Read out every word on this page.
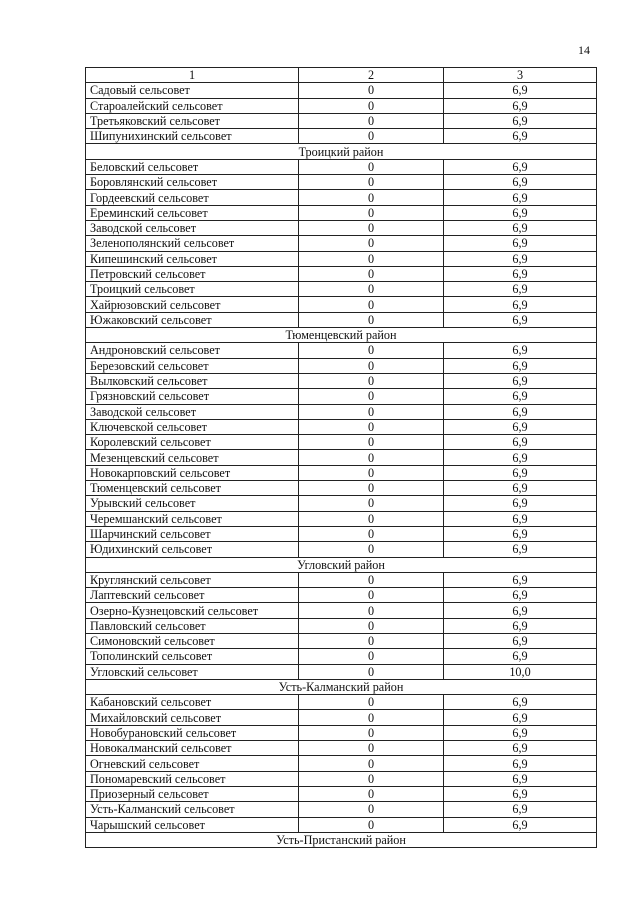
14
1	2	3
Садовый сельсовет	0	6,9
Староалейский сельсовет	0	6,9
Третьяковский сельсовет	0	6,9
Шипунихинский сельсовет	0	6,9
Троицкий район		
Беловский сельсовет	0	6,9
Боровлянский сельсовет	0	6,9
Гордеевский сельсовет	0	6,9
Ереминский сельсовет	0	6,9
Заводской сельсовет	0	6,9
Зеленополянский сельсовет	0	6,9
Кипешинский сельсовет	0	6,9
Петровский сельсовет	0	6,9
Троицкий сельсовет	0	6,9
Хайрюзовский сельсовет	0	6,9
Южаковский сельсовет	0	6,9
Тюменцевский район		
Андроновский сельсовет	0	6,9
Березовский сельсовет	0	6,9
Вылковский сельсовет	0	6,9
Грязновский сельсовет	0	6,9
Заводской сельсовет	0	6,9
Ключевской сельсовет	0	6,9
Королевский сельсовет	0	6,9
Мезенцевский сельсовет	0	6,9
Новокарповский сельсовет	0	6,9
Тюменцевский сельсовет	0	6,9
Урывский сельсовет	0	6,9
Черемшанский сельсовет	0	6,9
Шарчинский сельсовет	0	6,9
Юдихинский сельсовет	0	6,9
Угловский район		
Круглянский сельсовет	0	6,9
Лаптевский сельсовет	0	6,9
Озерно-Кузнецовский сельсовет	0	6,9
Павловский сельсовет	0	6,9
Симоновский сельсовет	0	6,9
Тополинский сельсовет	0	6,9
Угловский сельсовет	0	10,0
Усть-Калманский район		
Кабановский сельсовет	0	6,9
Михайловский сельсовет	0	6,9
Новобурановский сельсовет	0	6,9
Новокалманский сельсовет	0	6,9
Огневский сельсовет	0	6,9
Пономаревский сельсовет	0	6,9
Приозерный сельсовет	0	6,9
Усть-Калманский сельсовет	0	6,9
Чарышский сельсовет	0	6,9
Усть-Пристанский район		
